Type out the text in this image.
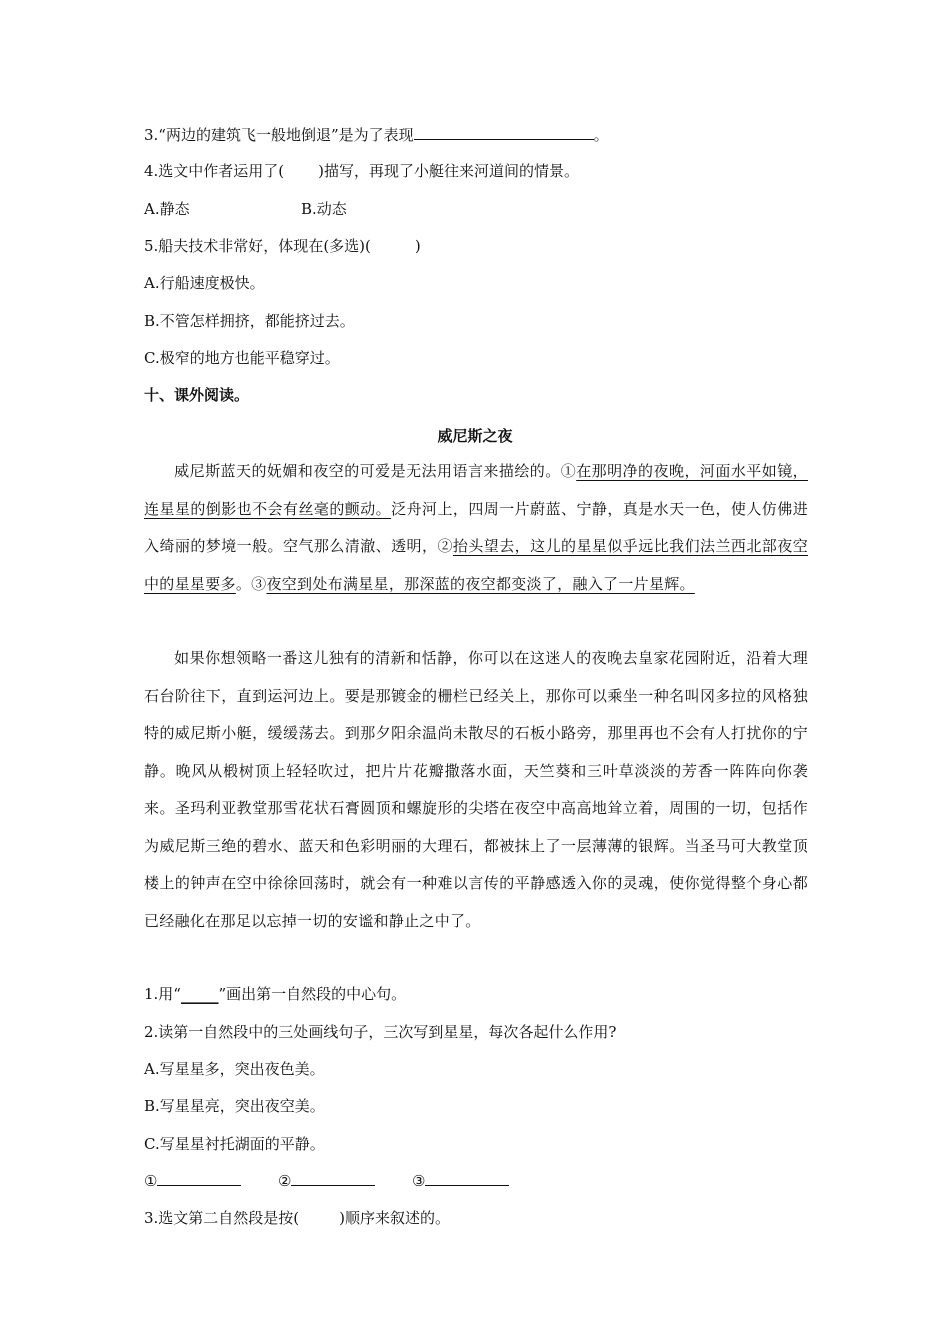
3.“两边的建筑飞一般地倒退”是为了表现	。
4.选文中作者运用了( )描写，再现了小艇往来河道间的情景。
A.静态	B.动态
5.船夫技术非常好，体现在(多选)(	)
A.行船速度极快。
B.不管怎样拥挤，都能挤过去。
C.极窄的地方也能平稳穿过。
十、课外阅读。
威尼斯之夜
威尼斯蓝天的妩媚和夜空的可爱是无法用语言来描绘的。①在那明净的夜晚，河面水平如镜，连星星的倒影也不会有丝毫的颤动。泛舟河上，四周一片蔚蓝、宁静，真是水天一色，使人仿佛进入绮丽的梦境一般。空气那么清澈、透明，②抬头望去，这儿的星星似乎远比我们法兰西北部夜空中的星星要多。③夜空到处布满星星，那深蓝的夜空都变淡了，融入了一片星辉。
如果你想领略一番这儿独有的清新和恬静，你可以在这迷人的夜晚去皇家花园附近，沿着大理石台阶往下，直到运河边上。要是那镀金的栅栏已经关上，那你可以乘坐一种名叫冈多拉的风格独特的威尼斯小艇，缓缓荡去。到那夕阳余温尚未散尽的石板小路旁，那里再也不会有人打扰你的宁静。晚风从椴树顶上轻轻吹过，把片片花瓣撒落水面，天竺葵和三叶草淡淡的芳香一阵阵向你袭来。圣玛利亚教堂那雪花状石膏圆顶和螺旋形的尖塔在夜空中高高地耸立着，周围的一切，包括作为威尼斯三绝的碧水、蓝天和色彩明丽的大理石，都被抹上了一层薄薄的银辉。当圣马可大教堂顶楼上的钟声在空中徐徐回荡时，就会有一种难以言传的平静感透入你的灵魂，使你觉得整个身心都已经融化在那足以忘掉一切的安谧和静止之中了。
1.用“_____”画出第一自然段的中心句。
2.读第一自然段中的三处画线句子，三次写到星星，每次各起什么作用?
A.写星星多，突出夜色美。
B.写星星亮，突出夜空美。
C.写星星衬托湖面的平静。
①	②	③
3.选文第二自然段是按(	)顺序来叙述的。
